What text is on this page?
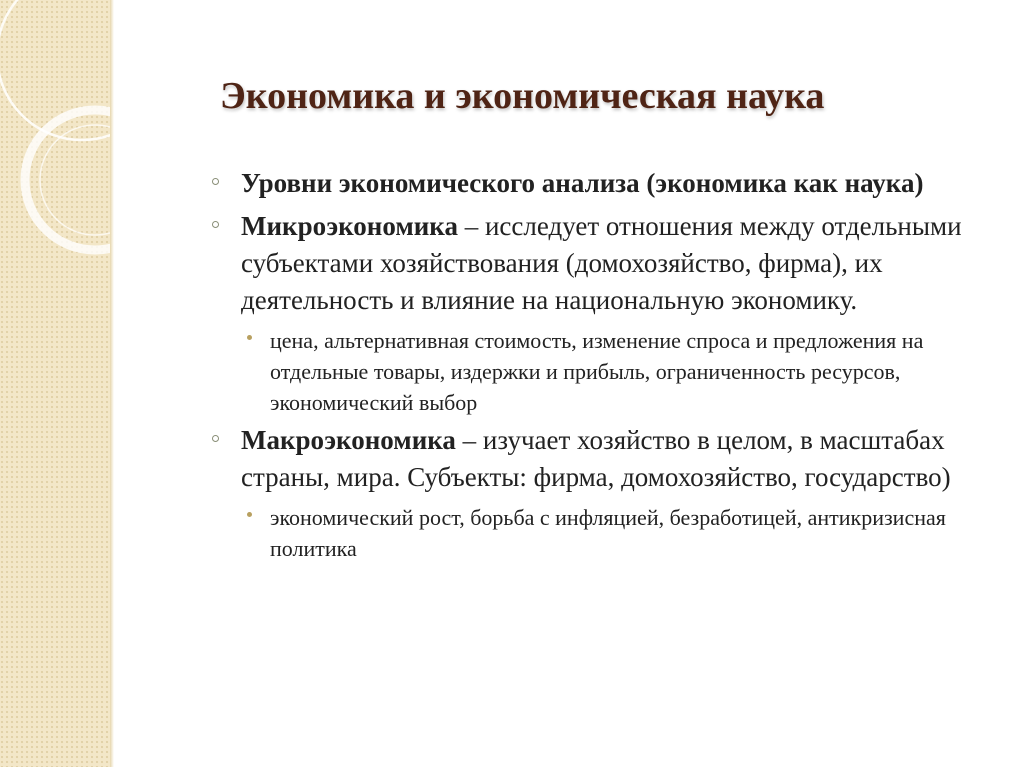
Экономика и экономическая наука
Уровни экономического анализа (экономика как наука)
Микроэкономика – исследует отношения между отдельными субъектами хозяйствования (домохозяйство, фирма), их деятельность и влияние на национальную экономику.
цена, альтернативная стоимость, изменение спроса и предложения на отдельные товары, издержки и прибыль, ограниченность ресурсов, экономический выбор
Макроэкономика – изучает хозяйство в целом, в масштабах страны, мира. Субъекты: фирма, домохозяйство, государство)
экономический рост, борьба с инфляцией, безработицей, антикризисная политика
